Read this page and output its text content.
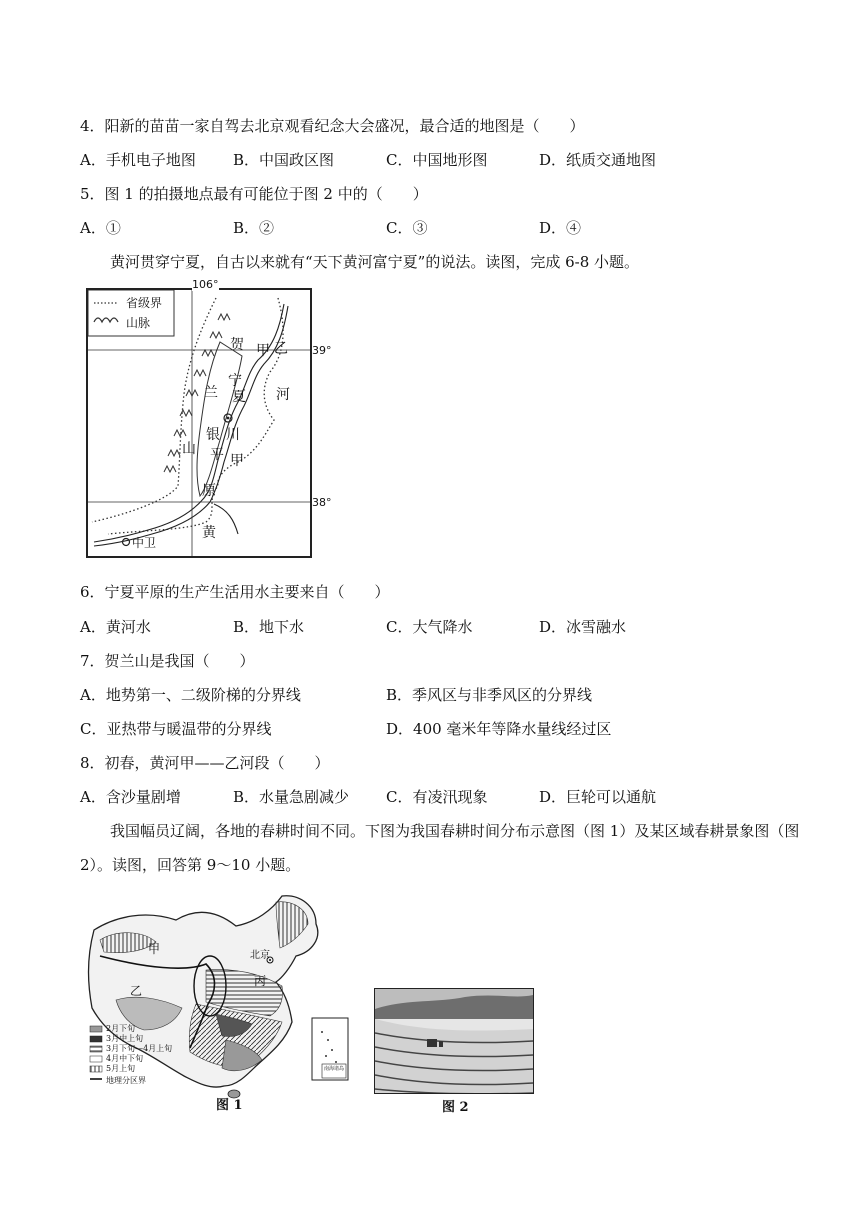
4．阳新的苗苗一家自驾去北京观看纪念大会盛况，最合适的地图是（　　）
A．手机电子地图 B．中国政区图	C．中国地形图	D．纸质交通地图
5．图 1 的拍摄地点最有可能位于图 2 中的（　　）
A．①	B．②	C．③	D．④
黄河贯穿宁夏，自古以来就有“天下黄河富宁夏”的说法。读图，完成 6-8 小题。
106°
39°
38°
省级界
山脉
贺
兰
山
银 川
宁
夏
平
原
黄
河
甲 乙
甲
中卫
6．宁夏平原的生产生活用水主要来自（　　）
A．黄河水	B．地下水	C．大气降水	D．冰雪融水
7．贺兰山是我国（　　）
A．地势第一、二级阶梯的分界线	B．季风区与非季风区的分界线
C．亚热带与暖温带的分界线	D．400 毫米年等降水量线经过区
8．初春，黄河甲——乙河段（　　）
A．含沙量剧增	B．水量急剧减少 C．有凌汛现象	D．巨轮可以通航
我国幅员辽阔，各地的春耕时间不同。下图为我国春耕时间分布示意图（图 1）及某区域春耕景象图（图
2）。读图，回答第 9～10 小题。
甲
乙
丙
北京
2月下旬
3月中上旬
3月下旬—4月上旬
4月中下旬
5月上旬
地理分区界
南海诸岛
图 1	图 2
